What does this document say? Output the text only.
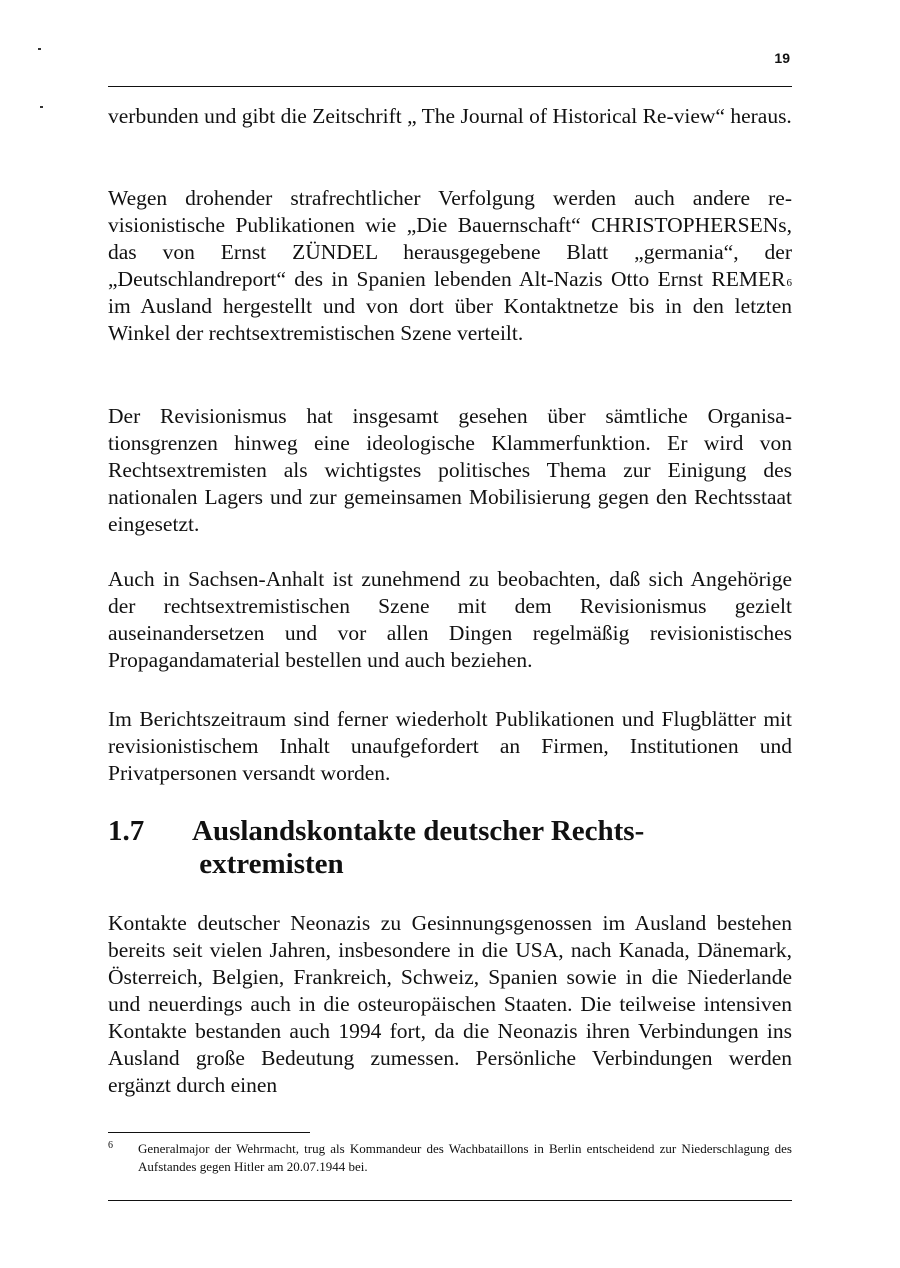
19

verbunden und gibt die Zeitschrift „ The Journal of Historical Re-view“ heraus.

Wegen drohender strafrechtlicher Verfolgung werden auch andere revisionistische Publikationen wie „Die Bauernschaft“ CHRISTOPHERSENs, das von Ernst ZÜNDEL herausgegebene Blatt „germania“, der „Deutschlandreport“ des in Spanien lebenden Alt-Nazis Otto Ernst REMER$^6$ im Ausland hergestellt und von dort über Kontaktnetze bis in den letzten Winkel der rechtsextremistischen Szene verteilt.

Der Revisionismus hat insgesamt gesehen über sämtliche Organisationsgrenzen hinweg eine ideologische Klammerfunktion. Er wird von Rechtsextremisten als wichtigstes politisches Thema zur Einigung des nationalen Lagers und zur gemeinsamen Mobilisierung gegen den Rechtsstaat eingesetzt.

Auch in Sachsen-Anhalt ist zunehmend zu beobachten, daß sich Angehörige der rechtsextremistischen Szene mit dem Revisionismus gezielt auseinandersetzen und vor allen Dingen regelmäßig revisionistisches Propagandamaterial bestellen und auch beziehen.

Im Berichtszeitraum sind ferner wiederholt Publikationen und Flugblätter mit revisionistischem Inhalt unaufgefordert an Firmen, Institutionen und Privatpersonen versandt worden.

1.7	Auslandskontakte deutscher Rechts- extremisten

Kontakte deutscher Neonazis zu Gesinnungsgenossen im Ausland bestehen bereits seit vielen Jahren, insbesondere in die USA, nach Kanada, Dänemark, Österreich, Belgien, Frankreich, Schweiz, Spanien sowie in die Niederlande und neuerdings auch in die osteuropäischen Staaten. Die teilweise intensiven Kontakte bestanden auch 1994 fort, da die Neonazis ihren Verbindungen ins Ausland große Bedeutung zumessen. Persönliche Verbindungen werden ergänzt durch einen

6	Generalmajor der Wehrmacht, trug als Kommandeur des Wachbataillons in Berlin entscheidend zur Niederschlagung des Aufstandes gegen Hitler am 20.07.1944 bei.
